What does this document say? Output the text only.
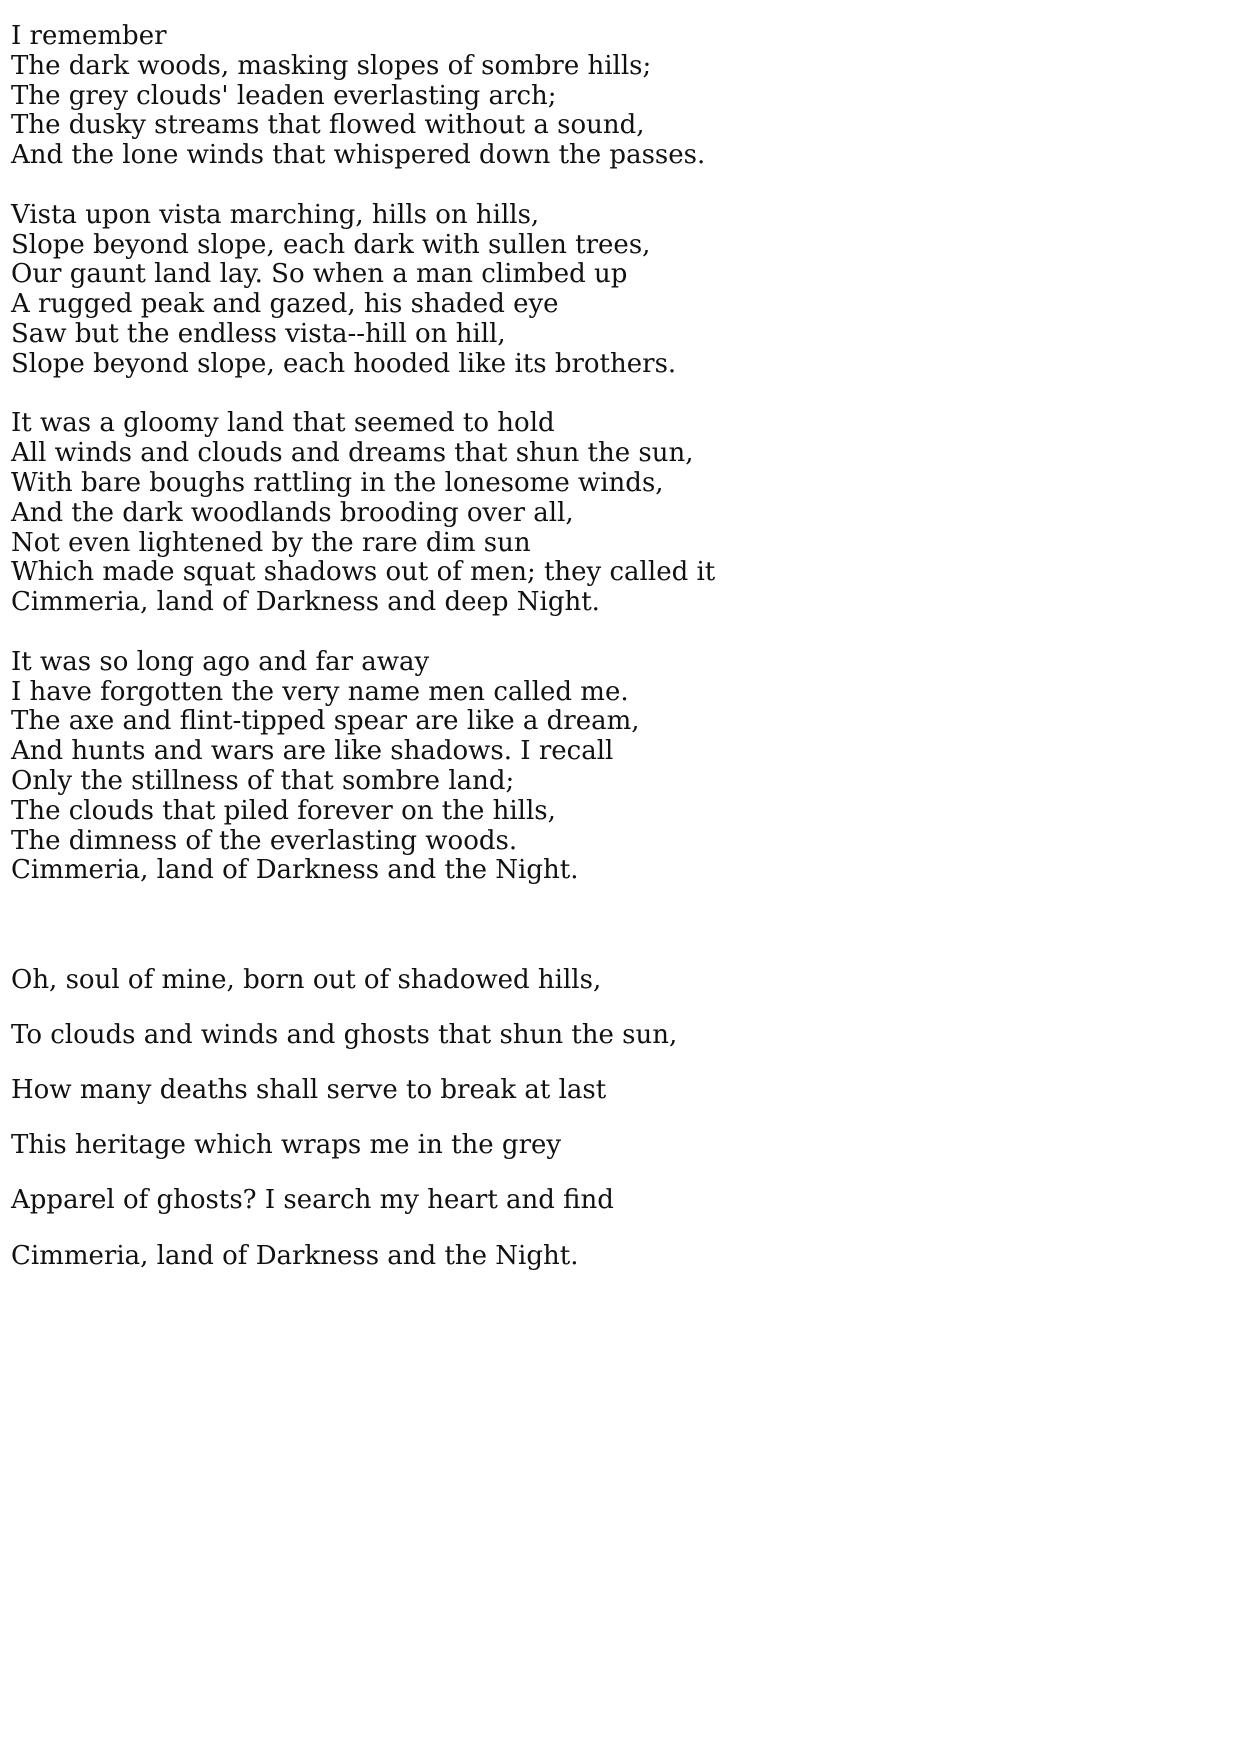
I remember
The dark woods, masking slopes of sombre hills;
The grey clouds' leaden everlasting arch;
The dusky streams that flowed without a sound,
And the lone winds that whispered down the passes.
Vista upon vista marching, hills on hills,
Slope beyond slope, each dark with sullen trees,
Our gaunt land lay. So when a man climbed up
A rugged peak and gazed, his shaded eye
Saw but the endless vista--hill on hill,
Slope beyond slope, each hooded like its brothers.
It was a gloomy land that seemed to hold
All winds and clouds and dreams that shun the sun,
With bare boughs rattling in the lonesome winds,
And the dark woodlands brooding over all,
Not even lightened by the rare dim sun
Which made squat shadows out of men; they called it
Cimmeria, land of Darkness and deep Night.
It was so long ago and far away
I have forgotten the very name men called me.
The axe and flint-tipped spear are like a dream,
And hunts and wars are like shadows. I recall
Only the stillness of that sombre land;
The clouds that piled forever on the hills,
The dimness of the everlasting woods.
Cimmeria, land of Darkness and the Night.
Oh, soul of mine, born out of shadowed hills,
To clouds and winds and ghosts that shun the sun,
How many deaths shall serve to break at last
This heritage which wraps me in the grey
Apparel of ghosts? I search my heart and find
Cimmeria, land of Darkness and the Night.
